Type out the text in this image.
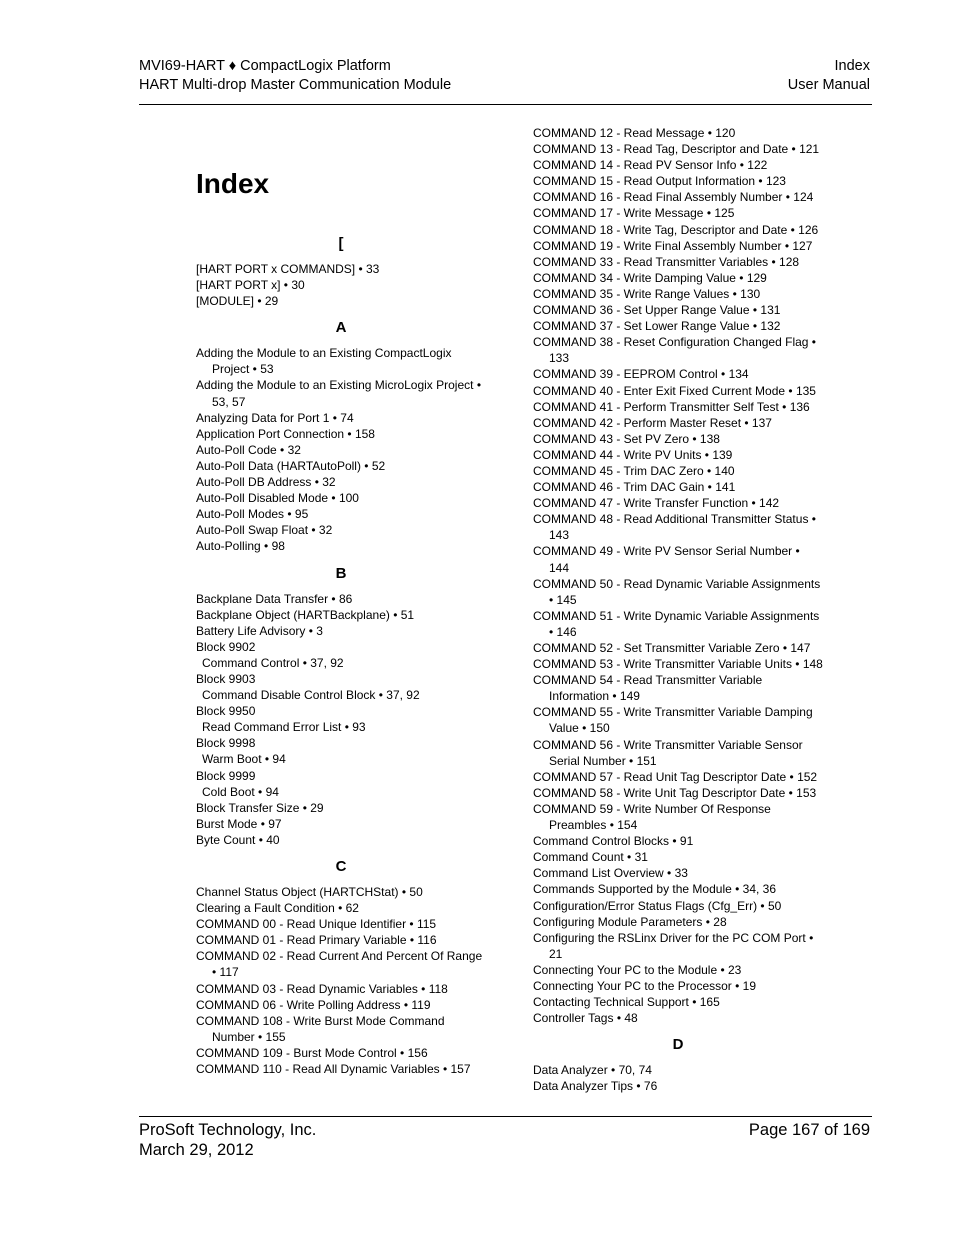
MVI69-HART ♦ CompactLogix Platform
HART Multi-drop Master Communication Module
Index
User Manual
Index
[
[HART PORT x COMMANDS] • 33
[HART PORT x] • 30
[MODULE] • 29
A
Adding the Module to an Existing CompactLogix Project • 53
Adding the Module to an Existing MicroLogix Project • 53, 57
Analyzing Data for Port 1 • 74
Application Port Connection • 158
Auto-Poll Code • 32
Auto-Poll Data (HARTAutoPoll) • 52
Auto-Poll DB Address • 32
Auto-Poll Disabled Mode • 100
Auto-Poll Modes • 95
Auto-Poll Swap Float • 32
Auto-Polling • 98
B
Backplane Data Transfer • 86
Backplane Object (HARTBackplane) • 51
Battery Life Advisory • 3
Block 9902
Command Control • 37, 92
Block 9903
Command Disable Control Block • 37, 92
Block 9950
Read Command Error List • 93
Block 9998
Warm Boot • 94
Block 9999
Cold Boot • 94
Block Transfer Size • 29
Burst Mode • 97
Byte Count • 40
C
Channel Status Object (HARTCHStat) • 50
Clearing a Fault Condition • 62
COMMAND 00 - Read Unique Identifier • 115
COMMAND 01 - Read Primary Variable • 116
COMMAND 02 - Read Current And Percent Of Range • 117
COMMAND 03 - Read Dynamic Variables • 118
COMMAND 06 - Write Polling Address • 119
COMMAND 108 - Write Burst Mode Command Number • 155
COMMAND 109 - Burst Mode Control • 156
COMMAND 110 - Read All Dynamic Variables • 157
COMMAND 12 - Read Message • 120
COMMAND 13 - Read Tag, Descriptor and Date • 121
COMMAND 14 - Read PV Sensor Info • 122
COMMAND 15 - Read Output Information • 123
COMMAND 16 - Read Final Assembly Number • 124
COMMAND 17 - Write Message • 125
COMMAND 18 - Write Tag, Descriptor and Date • 126
COMMAND 19 - Write Final Assembly Number • 127
COMMAND 33 - Read Transmitter Variables • 128
COMMAND 34 - Write Damping Value • 129
COMMAND 35 - Write Range Values • 130
COMMAND 36 - Set Upper Range Value • 131
COMMAND 37 - Set Lower Range Value • 132
COMMAND 38 - Reset Configuration Changed Flag • 133
COMMAND 39 - EEPROM Control • 134
COMMAND 40 - Enter Exit Fixed Current Mode • 135
COMMAND 41 - Perform Transmitter Self Test • 136
COMMAND 42 - Perform Master Reset • 137
COMMAND 43 - Set PV Zero • 138
COMMAND 44 - Write PV Units • 139
COMMAND 45 - Trim DAC Zero • 140
COMMAND 46 - Trim DAC Gain • 141
COMMAND 47 - Write Transfer Function • 142
COMMAND 48 - Read Additional Transmitter Status • 143
COMMAND 49 - Write PV Sensor Serial Number • 144
COMMAND 50 - Read Dynamic Variable Assignments • 145
COMMAND 51 - Write Dynamic Variable Assignments • 146
COMMAND 52 - Set Transmitter Variable Zero • 147
COMMAND 53 - Write Transmitter Variable Units • 148
COMMAND 54 - Read Transmitter Variable Information • 149
COMMAND 55 - Write Transmitter Variable Damping Value • 150
COMMAND 56 - Write Transmitter Variable Sensor Serial Number • 151
COMMAND 57 - Read Unit Tag Descriptor Date • 152
COMMAND 58 - Write Unit Tag Descriptor Date • 153
COMMAND 59 - Write Number Of Response Preambles • 154
Command Control Blocks • 91
Command Count • 31
Command List Overview • 33
Commands Supported by the Module • 34, 36
Configuration/Error Status Flags (Cfg_Err) • 50
Configuring Module Parameters • 28
Configuring the RSLinx Driver for the PC COM Port • 21
Connecting Your PC to the Module • 23
Connecting Your PC to the Processor • 19
Contacting Technical Support • 165
Controller Tags • 48
D
Data Analyzer • 70, 74
Data Analyzer Tips • 76
ProSoft Technology, Inc.
March 29, 2012
Page 167 of 169
